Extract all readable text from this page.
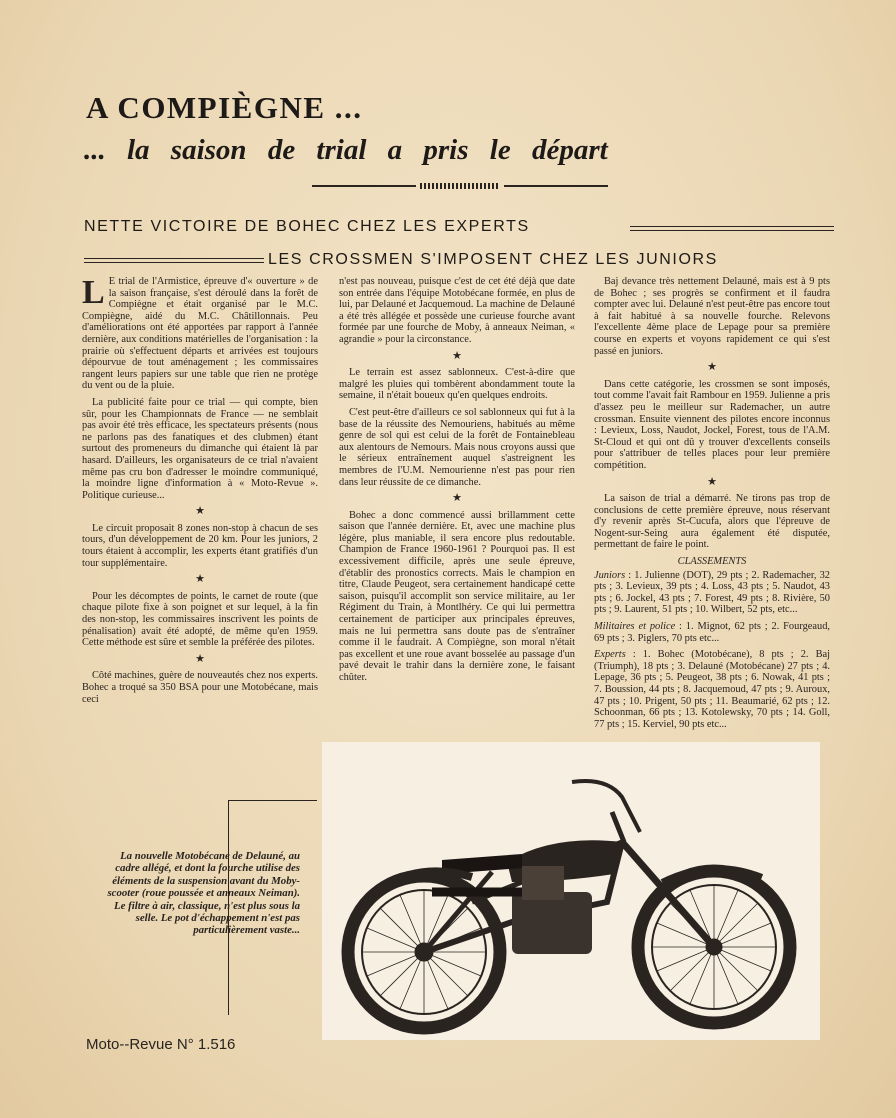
A COMPIÈGNE ...
... la saison de trial a pris le départ
NETTE VICTOIRE DE BOHEC CHEZ LES EXPERTS
LES CROSSMEN S'IMPOSENT CHEZ LES JUNIORS

L E trial de l'Armistice, épreuve d'« ouverture » de la saison française, s'est déroulé dans la forêt de Compiègne et était organisé par le M.C. Compiègne, aidé du M.C. Châtillonnais. Peu d'améliorations ont été apportées par rapport à l'année dernière, aux conditions matérielles de l'organisation : la prairie où s'effectuent départs et arrivées est toujours dépourvue de tout aménagement ; les commissaires rangent leurs papiers sur une table que rien ne protège du vent ou de la pluie.

La publicité faite pour ce trial — qui compte, bien sûr, pour les Championnats de France — ne semblait pas avoir été très efficace, les spectateurs présents (nous ne parlons pas des fanatiques et des clubmen) étant surtout des promeneurs du dimanche qui étaient là par hasard. D'ailleurs, les organisateurs de ce trial n'avaient même pas cru bon d'adresser le moindre communiqué, la moindre ligne d'information à « Moto-Revue ». Politique curieuse...

★

Le circuit proposait 8 zones non-stop à chacun de ses tours, d'un développement de 20 km. Pour les juniors, 2 tours étaient à accomplir, les experts étant gratifiés d'un tour supplémentaire.

★

Pour les décomptes de points, le carnet de route (que chaque pilote fixe à son poignet et sur lequel, à la fin des non-stop, les commissaires inscrivent les points de pénalisation) avait été adopté, de même qu'en 1959. Cette méthode est sûre et semble la préférée des pilotes.

★

Côté machines, guère de nouveautés chez nos experts. Bohec a troqué sa 350 BSA pour une Motobécane, mais ceci

n'est pas nouveau, puisque c'est de cet été déjà que date son entrée dans l'équipe Motobécane formée, en plus de lui, par Delauné et Jacquemoud. La machine de Delauné a été très allégée et possède une curieuse fourche avant formée par une fourche de Moby, à anneaux Neiman, « agrandie » pour la circonstance.

★

Le terrain est assez sablonneux. C'est-à-dire que malgré les pluies qui tombèrent abondamment toute la semaine, il n'était boueux qu'en quelques endroits.

C'est peut-être d'ailleurs ce sol sablonneux qui fut à la base de la réussite des Nemouriens, habitués au même genre de sol qui est celui de la forêt de Fontainebleau aux alentours de Nemours. Mais nous croyons aussi que le sérieux entraînement auquel s'astreignent les membres de l'U.M. Nemourienne n'est pas pour rien dans leur réussite de ce dimanche.

★

Bohec a donc commencé aussi brillamment cette saison que l'année dernière. Et, avec une machine plus légère, plus maniable, il sera encore plus redoutable. Champion de France 1960-1961 ? Pourquoi pas. Il est excessivement difficile, après une seule épreuve, d'établir des pronostics corrects. Mais le champion en titre, Claude Peugeot, sera certainement handicapé cette saison, puisqu'il accomplit son service militaire, au 1er Régiment du Train, à Montlhéry. Ce qui lui permettra certainement de participer aux principales épreuves, mais ne lui permettra sans doute pas de s'entraîner comme il le faudrait. A Compiègne, son moral n'était pas excellent et une roue avant bosselée au passage d'un pavé devait le trahir dans la dernière zone, le faisant chûter.

Baj devance très nettement Delauné, mais est à 9 pts de Bohec ; ses progrès se confirment et il faudra compter avec lui. Delauné n'est peut-être pas encore tout à fait habitué à sa nouvelle fourche. Relevons l'excellente 4ème place de Lepage pour sa première course en experts et voyons rapidement ce qui s'est passé en juniors.

★

Dans cette catégorie, les crossmen se sont imposés, tout comme l'avait fait Rambour en 1959. Julienne a pris d'assez peu le meilleur sur Rademacher, un autre crossman. Ensuite viennent des pilotes encore inconnus : Levieux, Loss, Naudot, Jockel, Forest, tous de l'A.M. St-Cloud et qui ont dû y trouver d'excellents conseils pour s'attribuer de telles places pour leur première compétition.

★

La saison de trial a démarré. Ne tirons pas trop de conclusions de cette première épreuve, nous réservant d'y revenir après St-Cucufa, alors que l'épreuve de Nogent-sur-Seing aura également été disputée, permettant de faire le point.

CLASSEMENTS

Juniors : 1. Julienne (DOT), 29 pts ; 2. Rademacher, 32 pts ; 3. Levieux, 39 pts ; 4. Loss, 43 pts ; 5. Naudot, 43 pts ; 6. Jockel, 43 pts ; 7. Forest, 49 pts ; 8. Rivière, 50 pts ; 9. Laurent, 51 pts ; 10. Wilbert, 52 pts, etc...

Militaires et police : 1. Mignot, 62 pts ; 2. Fourgeaud, 69 pts ; 3. Piglers, 70 pts etc...

Experts : 1. Bohec (Motobécane), 8 pts ; 2. Baj (Triumph), 18 pts ; 3. Delauné (Motobécane) 27 pts ; 4. Lepage, 36 pts ; 5. Peugeot, 38 pts ; 6. Nowak, 41 pts ; 7. Boussion, 44 pts ; 8. Jacquemoud, 47 pts ; 9. Auroux, 47 pts ; 10. Prigent, 50 pts ; 11. Beaumarié, 62 pts ; 12. Schoonman, 66 pts ; 13. Kotolewsky, 70 pts ; 14. Goll, 77 pts ; 15. Kerviel, 90 pts etc...

La nouvelle Motobécane de Delauné, au cadre allégé, et dont la fourche utilise des éléments de la suspension avant du Moby-scooter (roue poussée et anneaux Neiman). Le filtre à air, classique, n'est plus sous la selle. Le pot d'échappement n'est pas particulièrement vaste...
Moto--Revue N° 1.516
